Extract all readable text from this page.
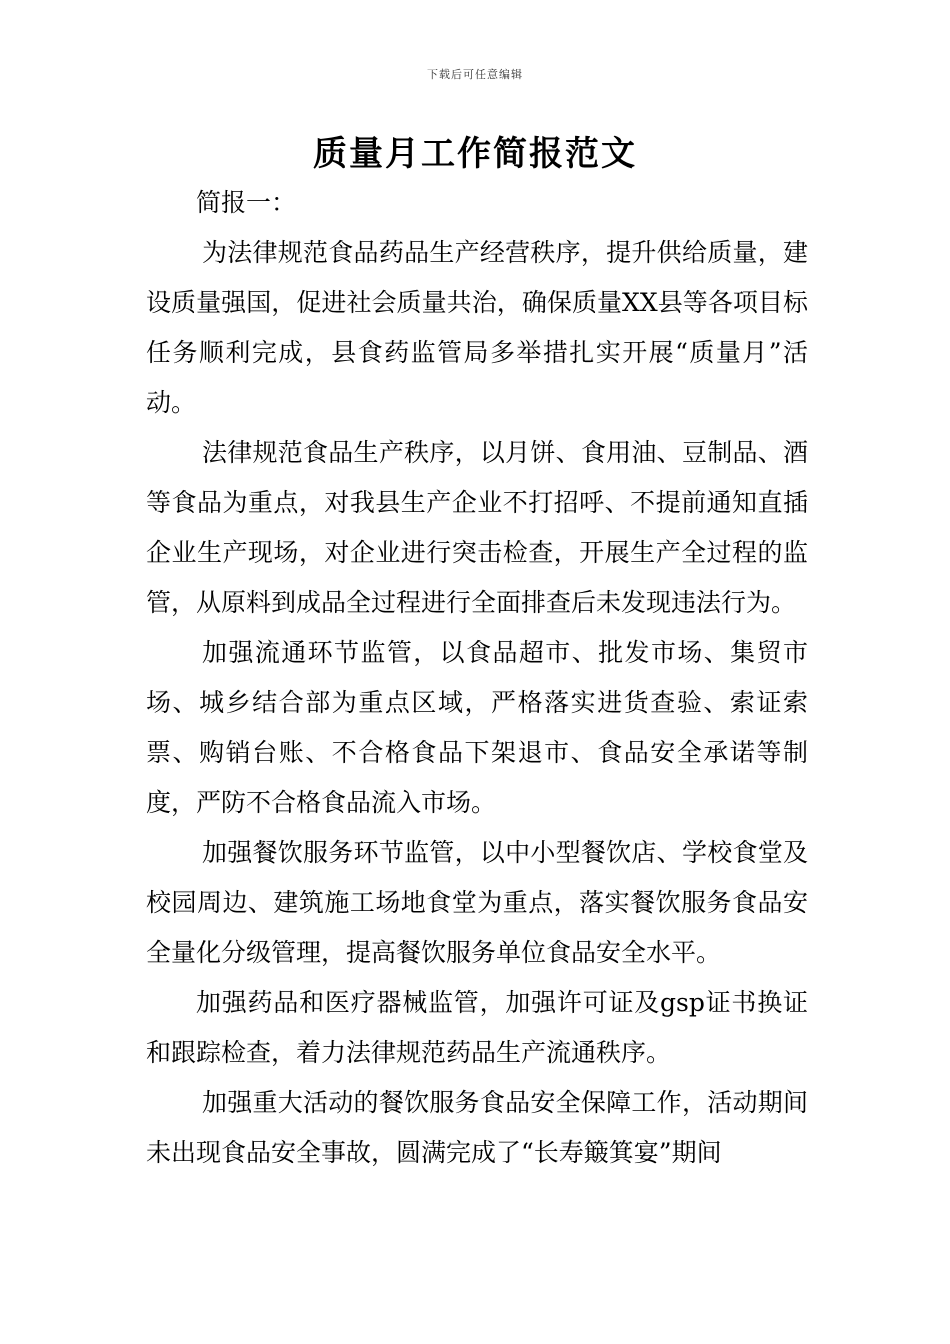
下载后可任意编辑
质量月工作简报范文

简报一：

为法律规范食品药品生产经营秩序，提升供给质量，建设质量强国，促进社会质量共治，确保质量XX县等各项目标任务顺利完成，县食药监管局多举措扎实开展“质量月”活动。

法律规范食品生产秩序，以月饼、食用油、豆制品、酒等食品为重点，对我县生产企业不打招呼、不提前通知直插企业生产现场，对企业进行突击检查，开展生产全过程的监管，从原料到成品全过程进行全面排查后未发现违法行为。

加强流通环节监管，以食品超市、批发市场、集贸市场、城乡结合部为重点区域，严格落实进货查验、索证索票、购销台账、不合格食品下架退市、食品安全承诺等制度，严防不合格食品流入市场。

加强餐饮服务环节监管，以中小型餐饮店、学校食堂及校园周边、建筑施工场地食堂为重点，落实餐饮服务食品安全量化分级管理，提高餐饮服务单位食品安全水平。

加强药品和医疗器械监管，加强许可证及gsp证书换证和跟踪检查，着力法律规范药品生产流通秩序。

加强重大活动的餐饮服务食品安全保障工作，活动期间未出现食品安全事故，圆满完成了“长寿簸箕宴”期间
